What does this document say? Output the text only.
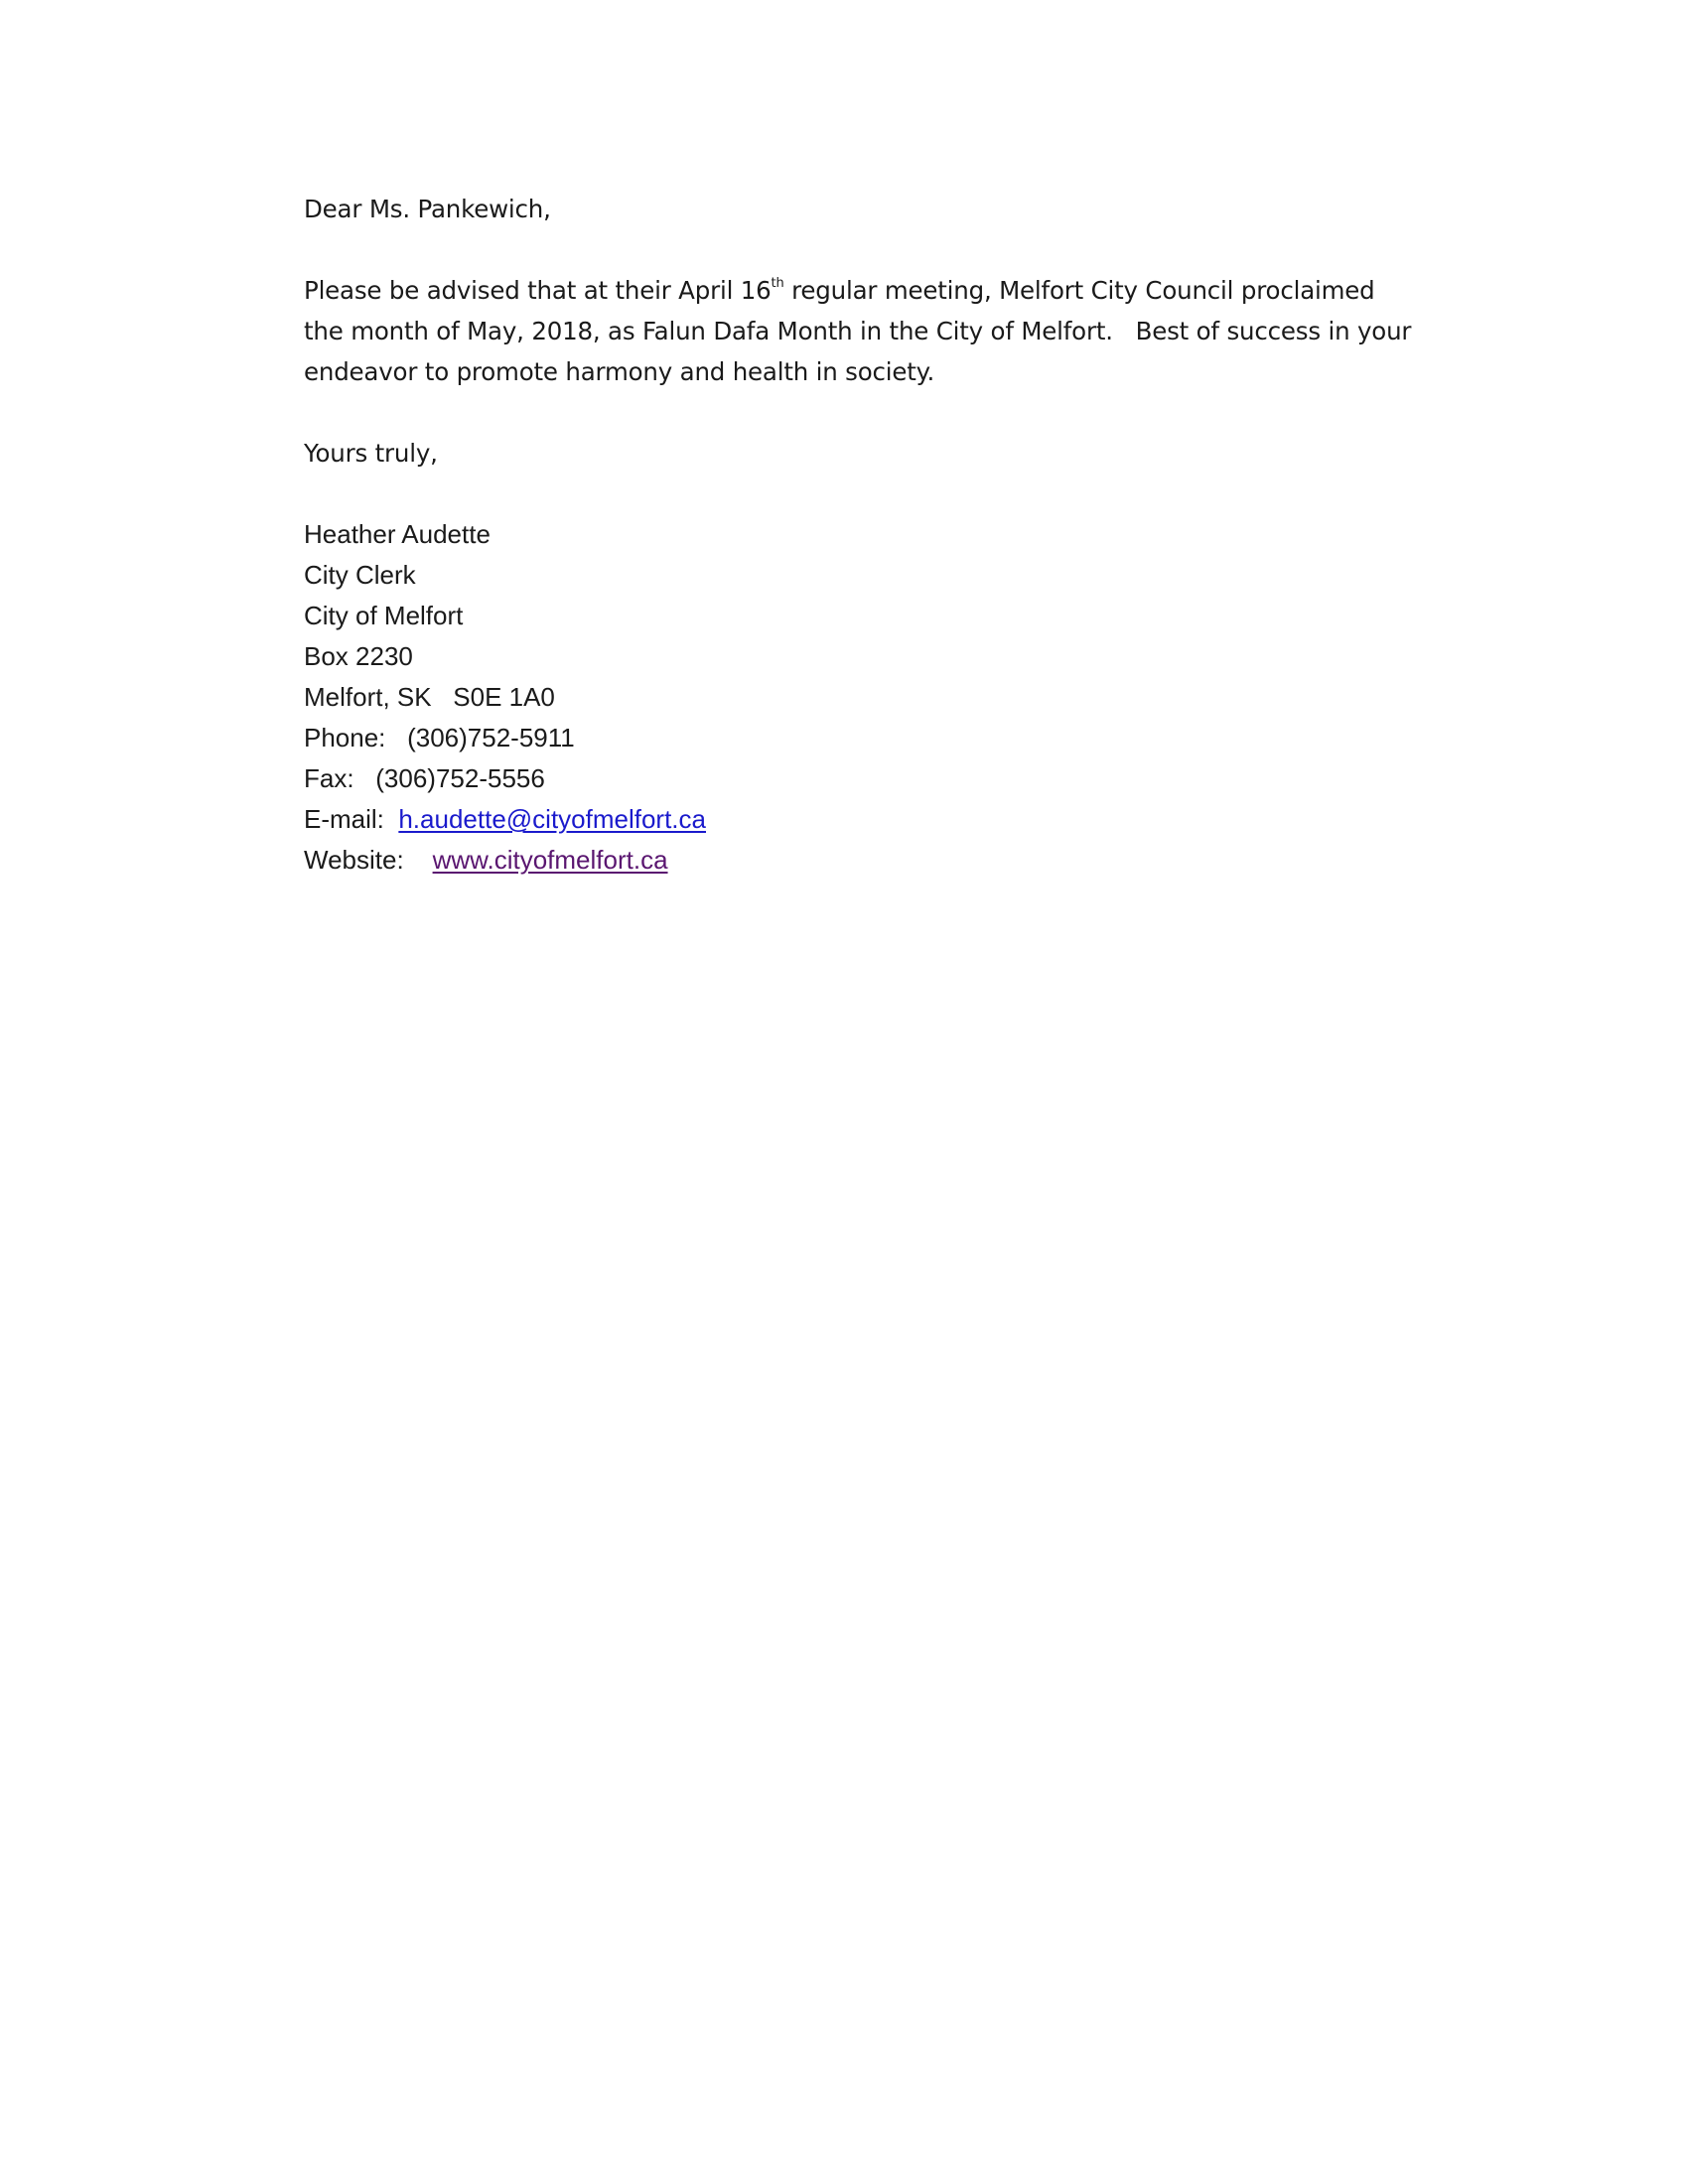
Dear Ms. Pankewich,
Please be advised that at their April 16th regular meeting, Melfort City Council proclaimed
the month of May, 2018, as Falun Dafa Month in the City of Melfort.   Best of success in your
endeavor to promote harmony and health in society.
Yours truly,
Heather Audette
City Clerk
City of Melfort
Box 2230
Melfort, SK   S0E 1A0
Phone:   (306)752-5911
Fax:   (306)752-5556
E-mail:  h.audette@cityofmelfort.ca
Website:    www.cityofmelfort.ca
